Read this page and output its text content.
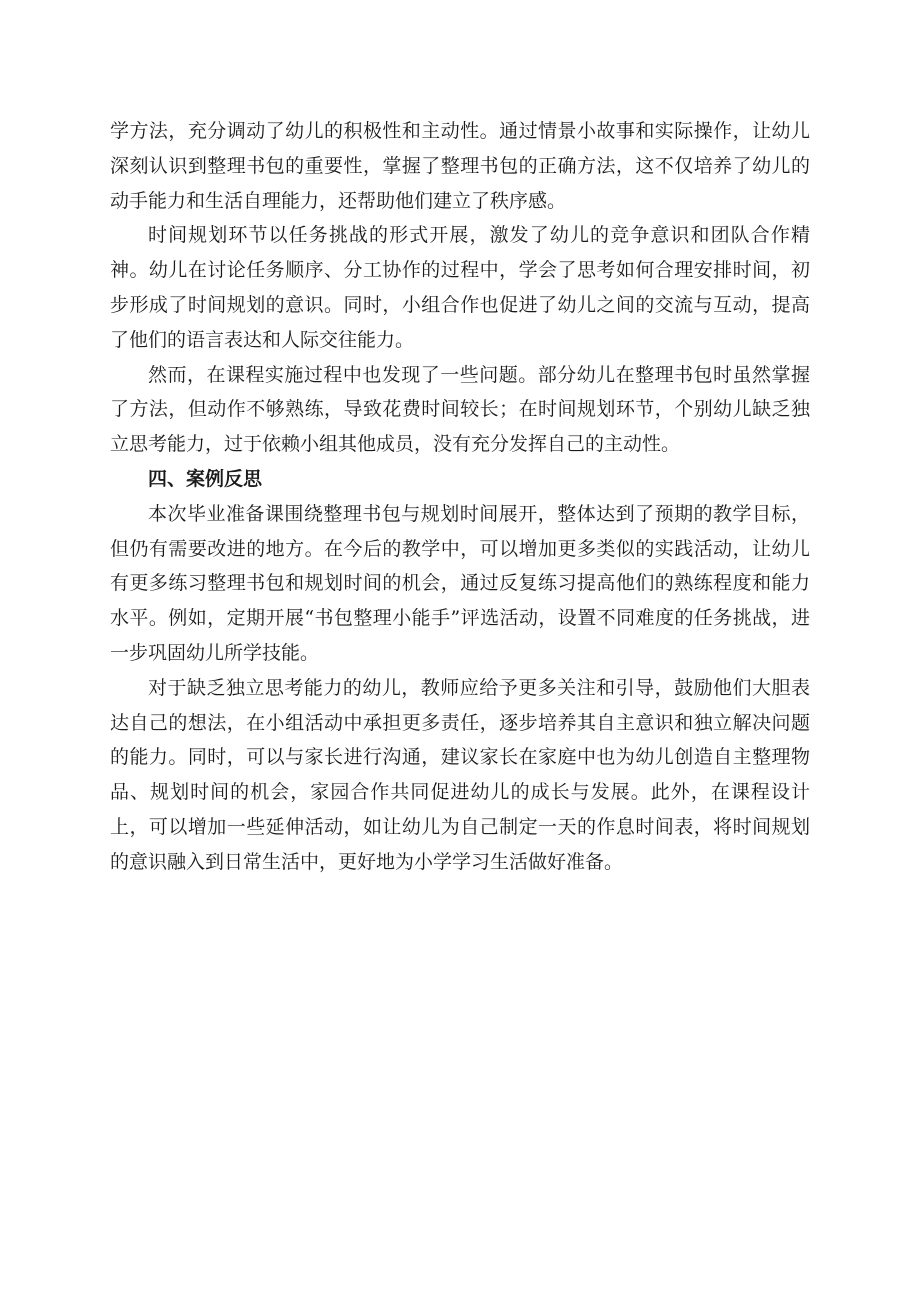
学方法，充分调动了幼儿的积极性和主动性。通过情景小故事和实际操作，让幼儿深刻认识到整理书包的重要性，掌握了整理书包的正确方法，这不仅培养了幼儿的动手能力和生活自理能力，还帮助他们建立了秩序感。

时间规划环节以任务挑战的形式开展，激发了幼儿的竞争意识和团队合作精神。幼儿在讨论任务顺序、分工协作的过程中，学会了思考如何合理安排时间，初步形成了时间规划的意识。同时，小组合作也促进了幼儿之间的交流与互动，提高了他们的语言表达和人际交往能力。

然而，在课程实施过程中也发现了一些问题。部分幼儿在整理书包时虽然掌握了方法，但动作不够熟练，导致花费时间较长；在时间规划环节，个别幼儿缺乏独立思考能力，过于依赖小组其他成员，没有充分发挥自己的主动性。

四、案例反思

本次毕业准备课围绕整理书包与规划时间展开，整体达到了预期的教学目标，但仍有需要改进的地方。在今后的教学中，可以增加更多类似的实践活动，让幼儿有更多练习整理书包和规划时间的机会，通过反复练习提高他们的熟练程度和能力水平。例如，定期开展“书包整理小能手”评选活动，设置不同难度的任务挑战，进一步巩固幼儿所学技能。

对于缺乏独立思考能力的幼儿，教师应给予更多关注和引导，鼓励他们大胆表达自己的想法，在小组活动中承担更多责任，逐步培养其自主意识和独立解决问题的能力。同时，可以与家长进行沟通，建议家长在家庭中也为幼儿创造自主整理物品、规划时间的机会，家园合作共同促进幼儿的成长与发展。此外，在课程设计上，可以增加一些延伸活动，如让幼儿为自己制定一天的作息时间表，将时间规划的意识融入到日常生活中，更好地为小学学习生活做好准备。
